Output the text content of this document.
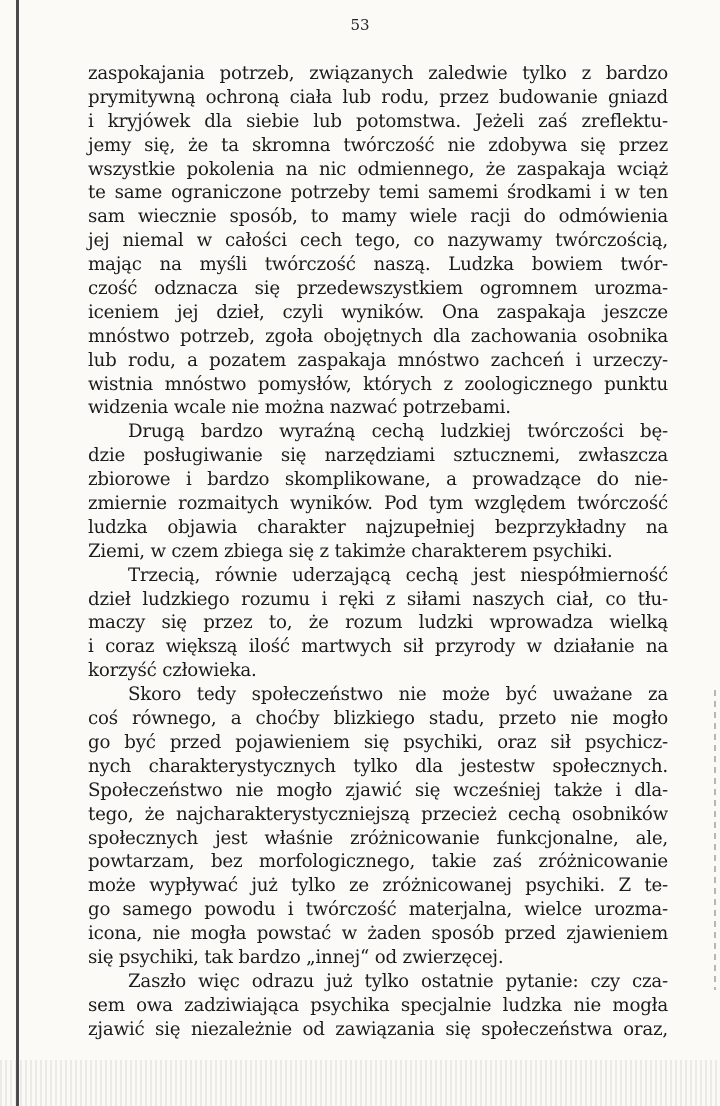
53
zaspokajania potrzeb, związanych zaledwie tylko z bardzo
prymitywną ochroną ciała lub rodu, przez budowanie gniazd
i kryjówek dla siebie lub potomstwa. Jeżeli zaś zreflektu-
jemy się, że ta skromna twórczość nie zdobywa się przez
wszystkie pokolenia na nic odmiennego, że zaspakaja wciąż
te same ograniczone potrzeby temi samemi środkami i w ten
sam wiecznie sposób, to mamy wiele racji do odmówienia
jej niemal w całości cech tego, co nazywamy twórczością,
mając na myśli twórczość naszą. Ludzka bowiem twór-
czość odznacza się przedewszystkiem ogromnem urozma-
iceniem jej dzieł, czyli wyników. Ona zaspakaja jeszcze
mnóstwo potrzeb, zgoła obojętnych dla zachowania osobnika
lub rodu, a pozatem zaspakaja mnóstwo zachceń i urzeczy-
wistnia mnóstwo pomysłów, których z zoologicznego punktu
widzenia wcale nie można nazwać potrzebami.
Drugą bardzo wyraźną cechą ludzkiej twórczości bę-
dzie posługiwanie się narzędziami sztucznemi, zwłaszcza
zbiorowe i bardzo skomplikowane, a prowadzące do nie-
zmiernie rozmaitych wyników. Pod tym względem twórczość
ludzka objawia charakter najzupełniej bezprzykładny na
Ziemi, w czem zbiega się z takimże charakterem psychiki.
Trzecią, równie uderzającą cechą jest niespółmierność
dzieł ludzkiego rozumu i ręki z siłami naszych ciał, co tłu-
maczy się przez to, że rozum ludzki wprowadza wielką
i coraz większą ilość martwych sił przyrody w działanie na
korzyść człowieka.
Skoro tedy społeczeństwo nie może być uważane za
coś równego, a choćby blizkiego stadu, przeto nie mogło
go być przed pojawieniem się psychiki, oraz sił psychicz-
nych charakterystycznych tylko dla jestestw społecznych.
Społeczeństwo nie mogło zjawić się wcześniej także i dla-
tego, że najcharakterystyczniejszą przecież cechą osobników
społecznych jest właśnie zróżnicowanie funkcjonalne, ale,
powtarzam, bez morfologicznego, takie zaś zróżnicowanie
może wypływać już tylko ze zróżnicowanej psychiki. Z te-
go samego powodu i twórczość materjalna, wielce urozma-
icona, nie mogła powstać w żaden sposób przed zjawieniem
się psychiki, tak bardzo „innej“ od zwierzęcej.
Zaszło więc odrazu już tylko ostatnie pytanie: czy cza-
sem owa zadziwiająca psychika specjalnie ludzka nie mogła
zjawić się niezależnie od zawiązania się społeczeństwa oraz,
